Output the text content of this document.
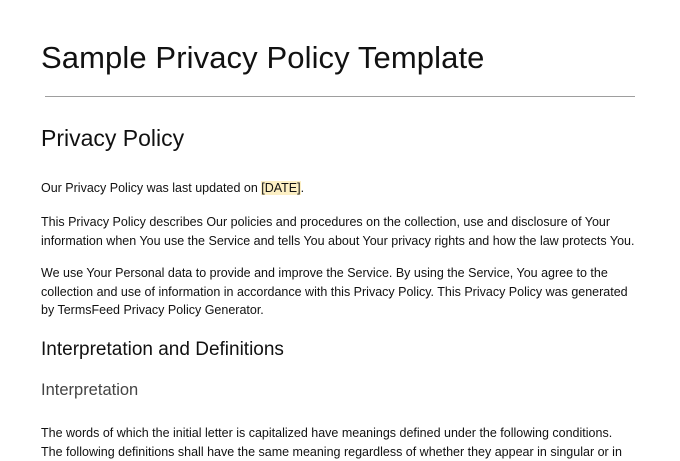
Sample Privacy Policy Template
Privacy Policy

Our Privacy Policy was last updated on [DATE].

This Privacy Policy describes Our policies and procedures on the collection, use and disclosure of Your
information when You use the Service and tells You about Your privacy rights and how the law protects You.

We use Your Personal data to provide and improve the Service. By using the Service, You agree to the
collection and use of information in accordance with this Privacy Policy. This Privacy Policy was generated
by TermsFeed Privacy Policy Generator.

Interpretation and Definitions
Interpretation

The words of which the initial letter is capitalized have meanings defined under the following conditions.
The following definitions shall have the same meaning regardless of whether they appear in singular or in
